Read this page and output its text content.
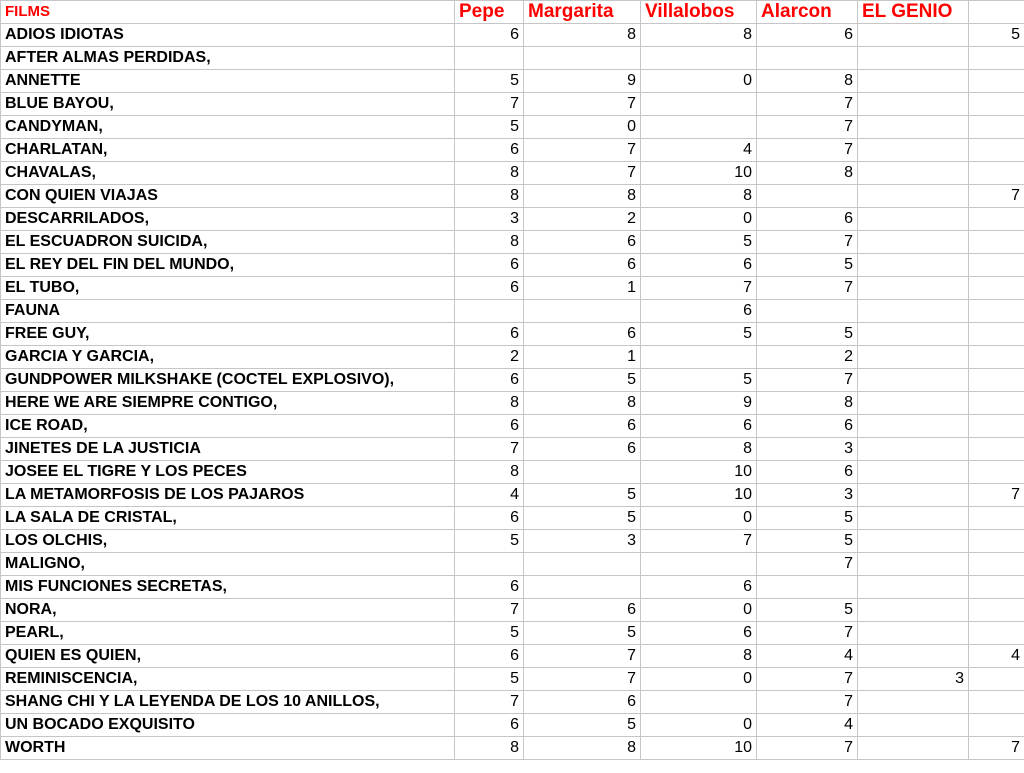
FILMS	Pepe	Margarita	Villalobos	Alarcon	EL GENIO	
ADIOS IDIOTAS	6	8	8	6		5
AFTER ALMAS PERDIDAS,						
ANNETTE	5	9	0	8		
BLUE BAYOU,	7	7		7		
CANDYMAN,	5	0		7		
CHARLATAN,	6	7	4	7		
CHAVALAS,	8	7	10	8		
CON QUIEN VIAJAS	8	8	8			7
DESCARRILADOS,	3	2	0	6		
EL ESCUADRON SUICIDA,	8	6	5	7		
EL REY DEL FIN DEL MUNDO,	6	6	6	5		
EL TUBO,	6	1	7	7		
FAUNA			6			
FREE GUY,	6	6	5	5		
GARCIA Y GARCIA,	2	1		2		
GUNDPOWER MILKSHAKE (COCTEL EXPLOSIVO),	6	5	5	7		
HERE WE ARE SIEMPRE CONTIGO,	8	8	9	8		
ICE ROAD,	6	6	6	6		
JINETES DE LA JUSTICIA	7	6	8	3		
JOSEE EL TIGRE Y LOS PECES	8		10	6		
LA METAMORFOSIS DE LOS PAJAROS	4	5	10	3		7
LA SALA DE CRISTAL,	6	5	0	5		
LOS OLCHIS,	5	3	7	5		
MALIGNO,				7		
MIS FUNCIONES SECRETAS,	6		6			
NORA,	7	6	0	5		
PEARL,	5	5	6	7		
QUIEN ES QUIEN,	6	7	8	4		4
REMINISCENCIA,	5	7	0	7	3	
SHANG CHI Y LA LEYENDA DE LOS 10 ANILLOS,	7	6		7		
UN BOCADO EXQUISITO	6	5	0	4		
WORTH	8	8	10	7		7
